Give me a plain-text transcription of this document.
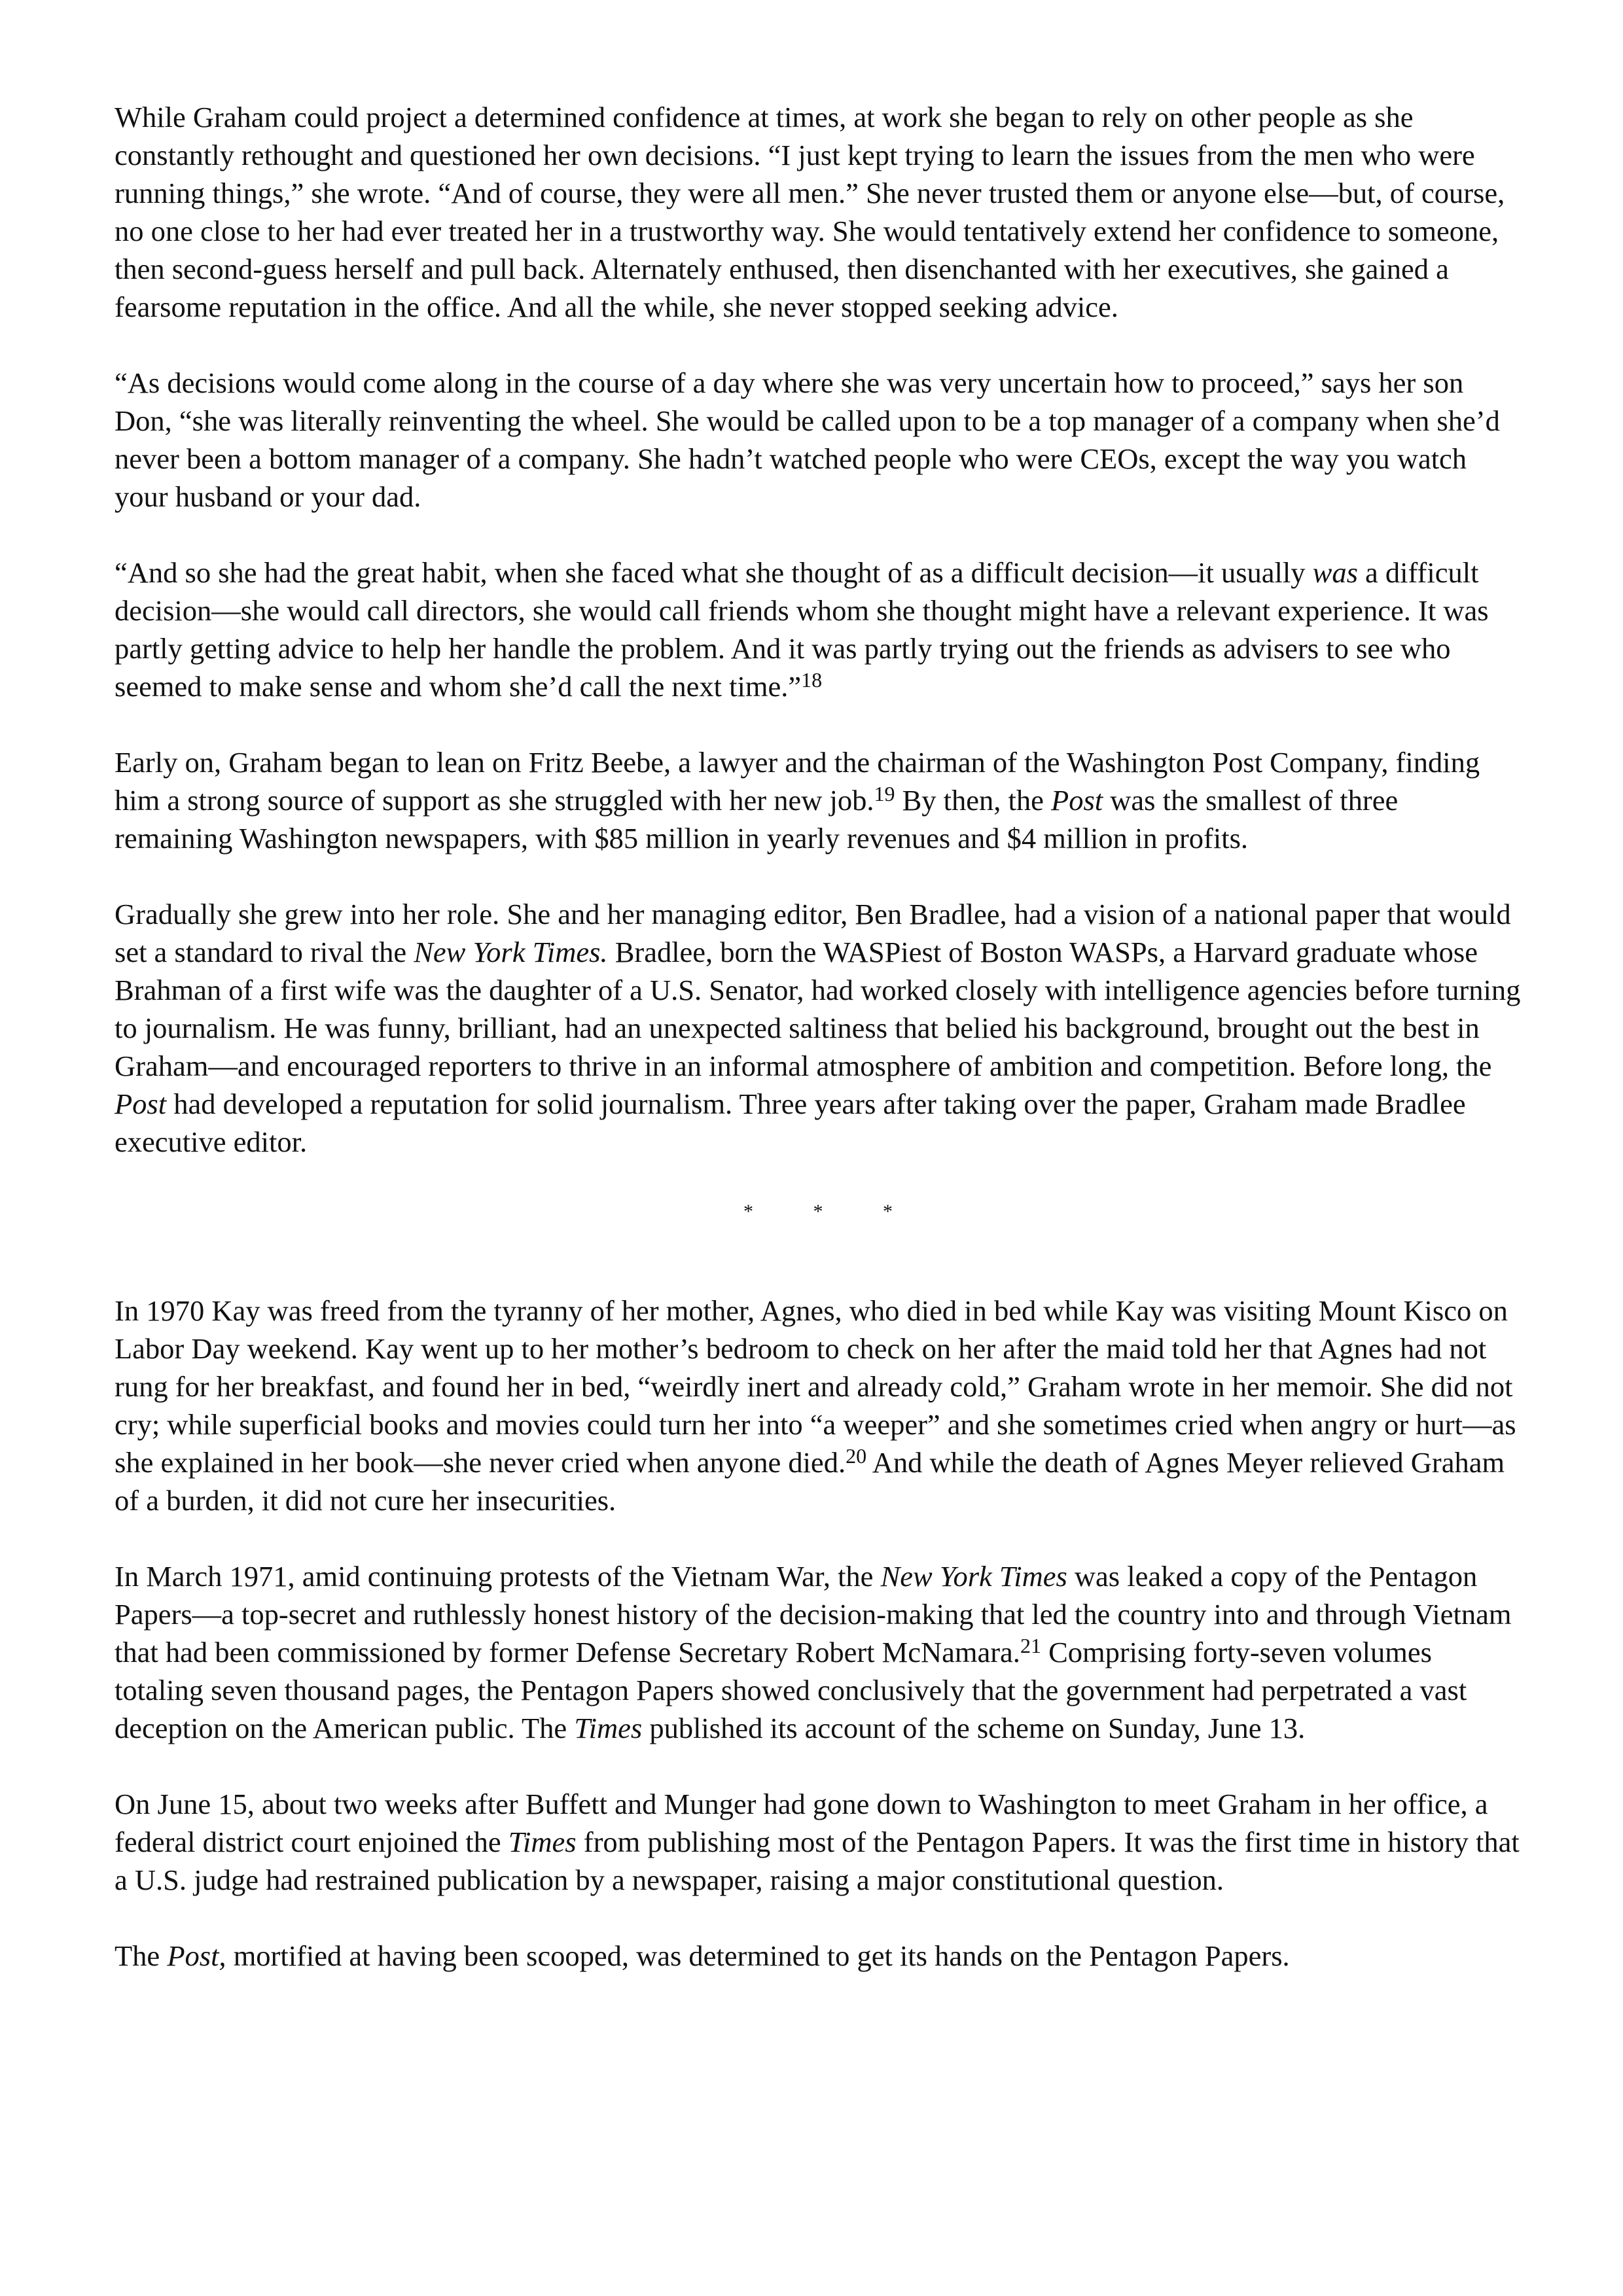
While Graham could project a determined confidence at times, at work she began to rely on other people as she constantly rethought and questioned her own decisions. “I just kept trying to learn the issues from the men who were running things,” she wrote. “And of course, they were all men.” She never trusted them or anyone else—but, of course, no one close to her had ever treated her in a trustworthy way. She would tentatively extend her confidence to someone, then second-guess herself and pull back. Alternately enthused, then disenchanted with her executives, she gained a fearsome reputation in the office. And all the while, she never stopped seeking advice.

“As decisions would come along in the course of a day where she was very uncertain how to proceed,” says her son Don, “she was literally reinventing the wheel. She would be called upon to be a top manager of a company when she’d never been a bottom manager of a company. She hadn’t watched people who were CEOs, except the way you watch your husband or your dad.

“And so she had the great habit, when she faced what she thought of as a difficult decision—it usually was a difficult decision—she would call directors, she would call friends whom she thought might have a relevant experience. It was partly getting advice to help her handle the problem. And it was partly trying out the friends as advisers to see who seemed to make sense and whom she’d call the next time.”$^{18}$

Early on, Graham began to lean on Fritz Beebe, a lawyer and the chairman of the Washington Post Company, finding him a strong source of support as she struggled with her new job.$^{19}$ By then, the Post was the smallest of three remaining Washington newspapers, with $85 million in yearly revenues and $4 million in profits.

Gradually she grew into her role. She and her managing editor, Ben Bradlee, had a vision of a national paper that would set a standard to rival the New York Times. Bradlee, born the WASPiest of Boston WASPs, a Harvard graduate whose Brahman of a first wife was the daughter of a U.S. Senator, had worked closely with intelligence agencies before turning to journalism. He was funny, brilliant, had an unexpected saltiness that belied his background, brought out the best in Graham—and encouraged reporters to thrive in an informal atmosphere of ambition and competition. Before long, the Post had developed a reputation for solid journalism. Three years after taking over the paper, Graham made Bradlee executive editor.

*	*	*

In 1970 Kay was freed from the tyranny of her mother, Agnes, who died in bed while Kay was visiting Mount Kisco on Labor Day weekend. Kay went up to her mother’s bedroom to check on her after the maid told her that Agnes had not rung for her breakfast, and found her in bed, “weirdly inert and already cold,” Graham wrote in her memoir. She did not cry; while superficial books and movies could turn her into “a weeper” and she sometimes cried when angry or hurt—as she explained in her book—she never cried when anyone died.$^{20}$ And while the death of Agnes Meyer relieved Graham of a burden, it did not cure her insecurities.

In March 1971, amid continuing protests of the Vietnam War, the New York Times was leaked a copy of the Pentagon Papers—a top-secret and ruthlessly honest history of the decision-making that led the country into and through Vietnam that had been commissioned by former Defense Secretary Robert McNamara.$^{21}$ Comprising forty-seven volumes totaling seven thousand pages, the Pentagon Papers showed conclusively that the government had perpetrated a vast deception on the American public. The Times published its account of the scheme on Sunday, June 13.

On June 15, about two weeks after Buffett and Munger had gone down to Washington to meet Graham in her office, a federal district court enjoined the Times from publishing most of the Pentagon Papers. It was the first time in history that a U.S. judge had restrained publication by a newspaper, raising a major constitutional question.

The Post, mortified at having been scooped, was determined to get its hands on the Pentagon Papers.
